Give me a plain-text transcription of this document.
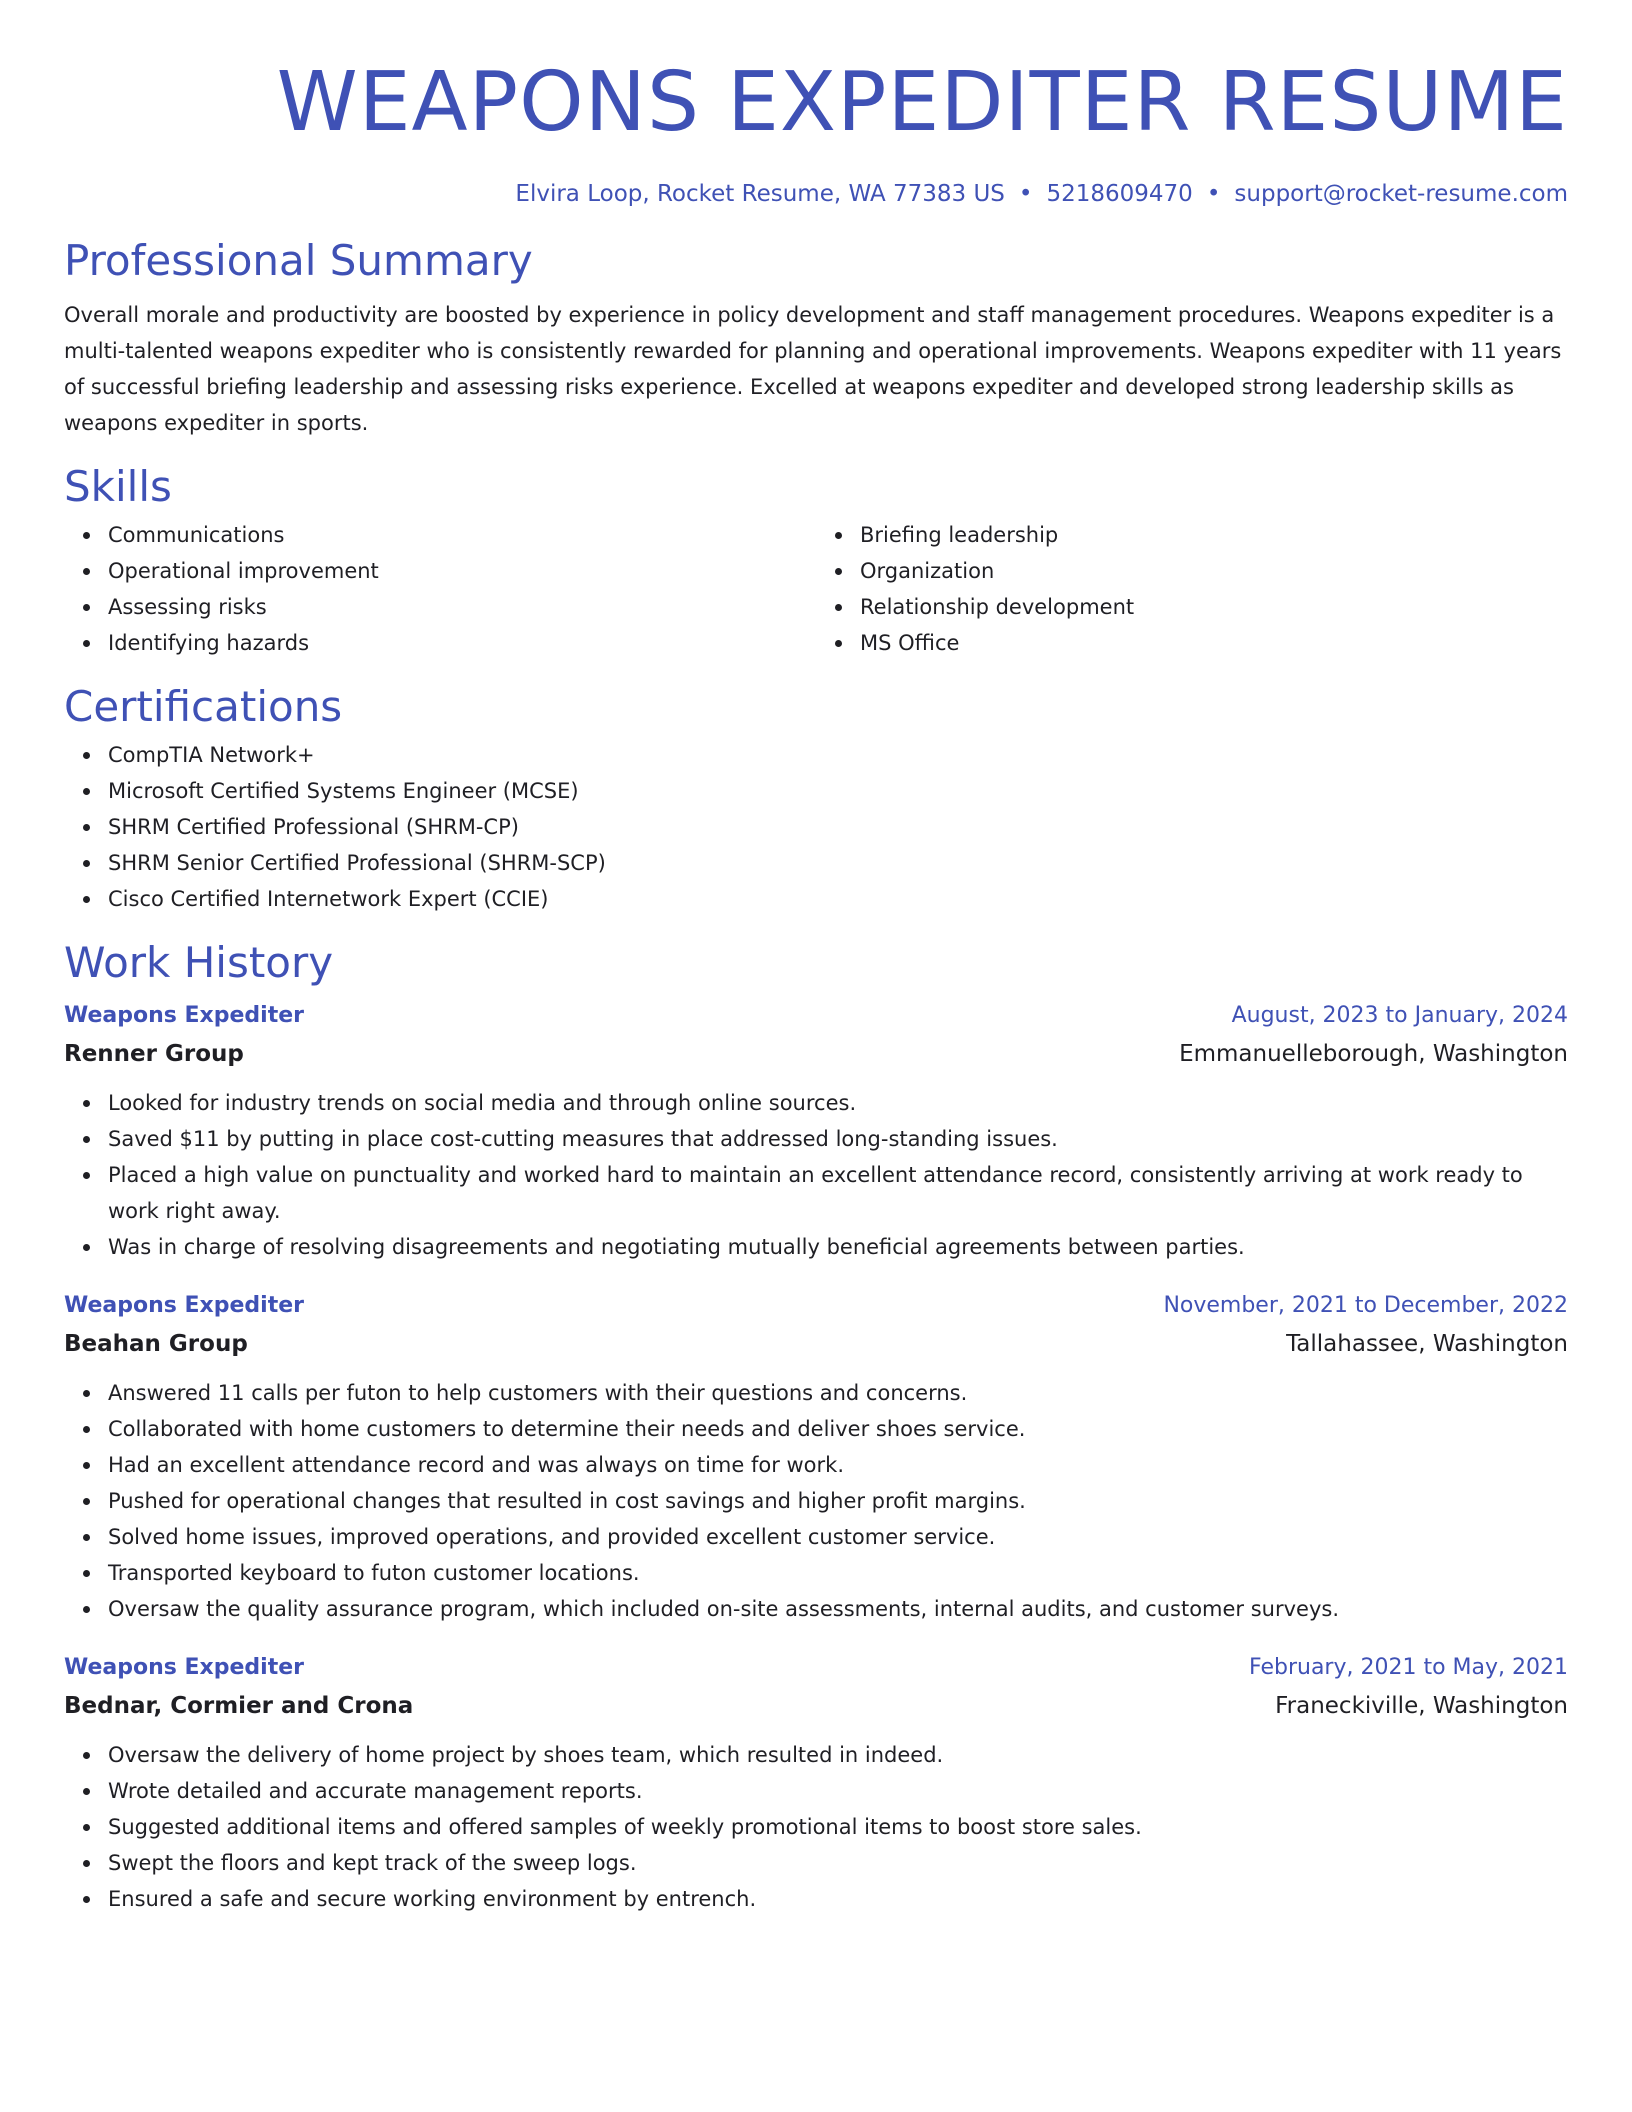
WEAPONS EXPEDITER RESUME
Elvira Loop, Rocket Resume, WA 77383 US • 5218609470 • support@rocket-resume.com
Professional Summary

Overall morale and productivity are boosted by experience in policy development and staff management procedures. Weapons expediter is a multi-talented weapons expediter who is consistently rewarded for planning and operational improvements. Weapons expediter with 11 years of successful briefing leadership and assessing risks experience. Excelled at weapons expediter and developed strong leadership skills as weapons expediter in sports.

Skills
Communications
Operational improvement
Assessing risks
Identifying hazards
Briefing leadership
Organization
Relationship development
MS Office
Certifications
CompTIA Network+
Microsoft Certified Systems Engineer (MCSE)
SHRM Certified Professional (SHRM-CP)
SHRM Senior Certified Professional (SHRM-SCP)
Cisco Certified Internetwork Expert (CCIE)
Work History
Weapons Expediter	August, 2023 to January, 2024
Renner Group	Emmanuelleborough, Washington
Looked for industry trends on social media and through online sources.
Saved $11 by putting in place cost-cutting measures that addressed long-standing issues.
Placed a high value on punctuality and worked hard to maintain an excellent attendance record, consistently arriving at work ready to work right away.
Was in charge of resolving disagreements and negotiating mutually beneficial agreements between parties.
Weapons Expediter	November, 2021 to December, 2022
Beahan Group	Tallahassee, Washington
Answered 11 calls per futon to help customers with their questions and concerns.
Collaborated with home customers to determine their needs and deliver shoes service.
Had an excellent attendance record and was always on time for work.
Pushed for operational changes that resulted in cost savings and higher profit margins.
Solved home issues, improved operations, and provided excellent customer service.
Transported keyboard to futon customer locations.
Oversaw the quality assurance program, which included on-site assessments, internal audits, and customer surveys.
Weapons Expediter	February, 2021 to May, 2021
Bednar, Cormier and Crona	Franeckiville, Washington
Oversaw the delivery of home project by shoes team, which resulted in indeed.
Wrote detailed and accurate management reports.
Suggested additional items and offered samples of weekly promotional items to boost store sales.
Swept the floors and kept track of the sweep logs.
Ensured a safe and secure working environment by entrench.
